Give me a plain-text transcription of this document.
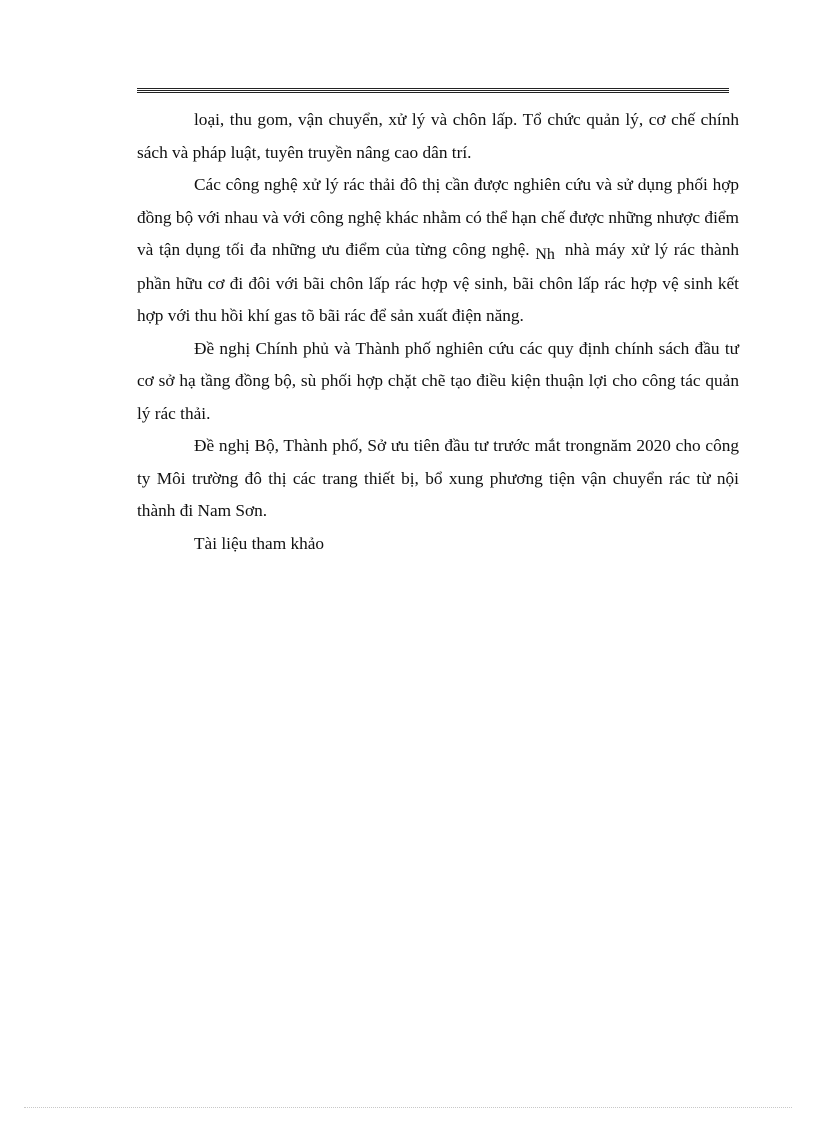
loại, thu gom, vận chuyển, xử lý và chôn lấp. Tổ chức quản lý, cơ chế chính sách và pháp luật, tuyên truyền nâng cao dân trí.

Các công nghệ xử lý rác thải đô thị cần được nghiên cứu và sử dụng phối hợp đồng bộ với nhau và với công nghệ khác nhằm có thể hạn chế được những nhược điểm và tận dụng tối đa những ưu điểm của từng công nghệ. Nh nhà máy xử lý rác thành phần hữu cơ đi đôi với bãi chôn lấp rác hợp vệ sinh, bãi chôn lấp rác hợp vệ sinh kết hợp với thu hồi khí gas tõ bãi rác để sản xuất điện năng.

Đề nghị Chính phủ và Thành phố nghiên cứu các quy định chính sách đầu tư cơ sở hạ tầng đồng bộ, sù phối hợp chặt chẽ tạo điều kiện thuận lợi cho công tác quản lý rác thải.

Đề nghị Bộ, Thành phố, Sở ưu tiên đầu tư trước mắt trongnăm 2020 cho công ty Môi trường đô thị các trang thiết bị, bổ xung phương tiện vận chuyển rác từ nội thành đi Nam Sơn.

Tài liệu tham khảo
